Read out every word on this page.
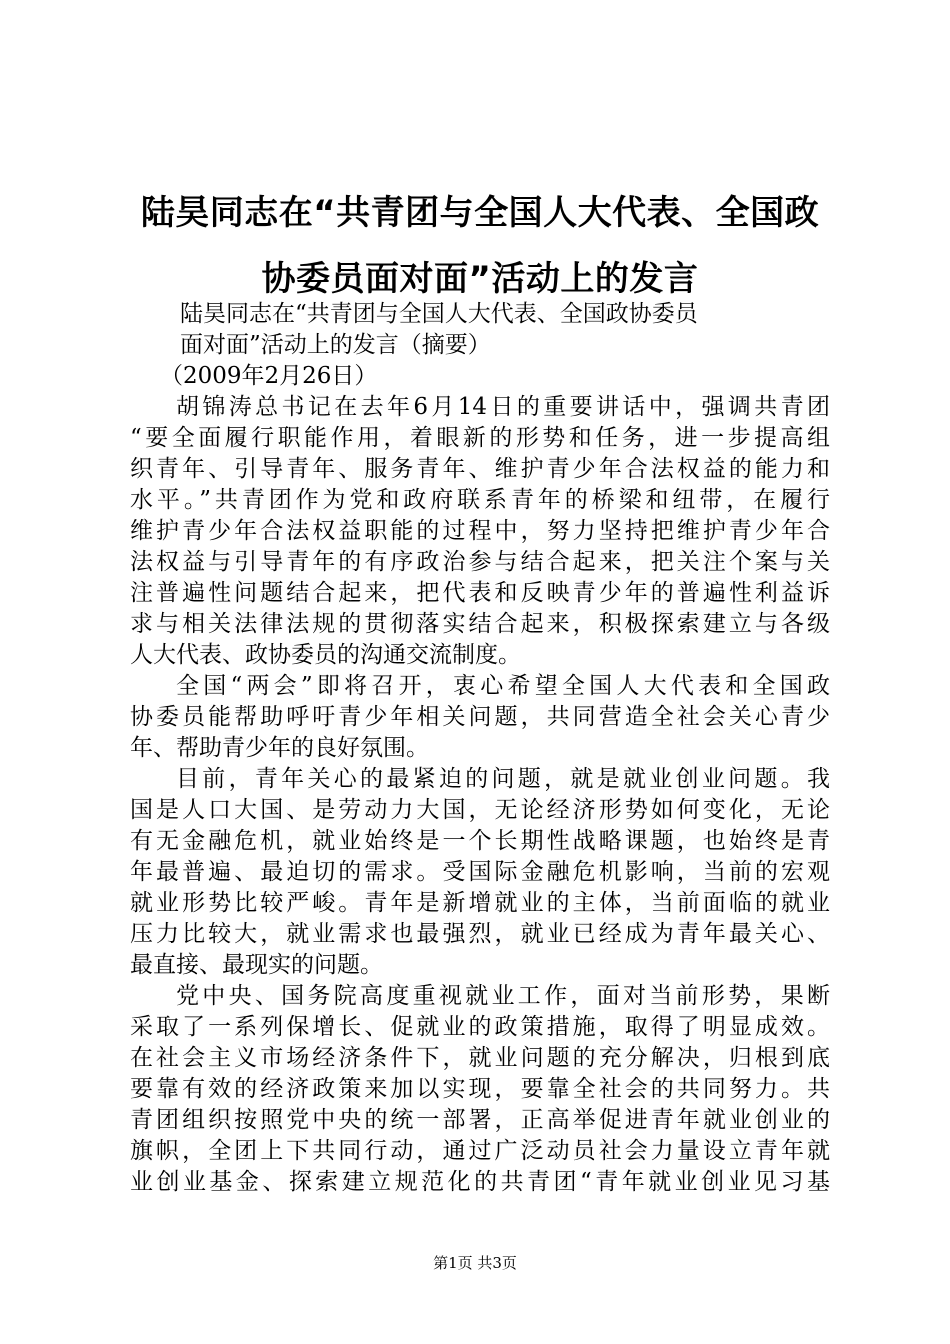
陆昊同志在“共青团与全国人大代表、全国政
协委员面对面”活动上的发言
陆昊同志在“共青团与全国人大代表、全国政协委员
面对面”活动上的发言（摘要）
（2009年2月26日）
胡锦涛总书记在去年6月14日的重要讲话中，强调共青团
“要全面履行职能作用，着眼新的形势和任务，进一步提高组
织青年、引导青年、服务青年、维护青少年合法权益的能力和
水平。”共青团作为党和政府联系青年的桥梁和纽带，在履行
维护青少年合法权益职能的过程中，努力坚持把维护青少年合
法权益与引导青年的有序政治参与结合起来，把关注个案与关
注普遍性问题结合起来，把代表和反映青少年的普遍性利益诉
求与相关法律法规的贯彻落实结合起来，积极探索建立与各级
人大代表、政协委员的沟通交流制度。
全国“两会”即将召开，衷心希望全国人大代表和全国政
协委员能帮助呼吁青少年相关问题，共同营造全社会关心青少
年、帮助青少年的良好氛围。
目前，青年关心的最紧迫的问题，就是就业创业问题。我
国是人口大国、是劳动力大国，无论经济形势如何变化，无论
有无金融危机，就业始终是一个长期性战略课题，也始终是青
年最普遍、最迫切的需求。受国际金融危机影响，当前的宏观
就业形势比较严峻。青年是新增就业的主体，当前面临的就业
压力比较大，就业需求也最强烈，就业已经成为青年最关心、
最直接、最现实的问题。
党中央、国务院高度重视就业工作，面对当前形势，果断
采取了一系列保增长、促就业的政策措施，取得了明显成效。
在社会主义市场经济条件下，就业问题的充分解决，归根到底
要靠有效的经济政策来加以实现，要靠全社会的共同努力。共
青团组织按照党中央的统一部署，正高举促进青年就业创业的
旗帜，全团上下共同行动，通过广泛动员社会力量设立青年就
业创业基金、探索建立规范化的共青团“青年就业创业见习基
第1页 共3页
